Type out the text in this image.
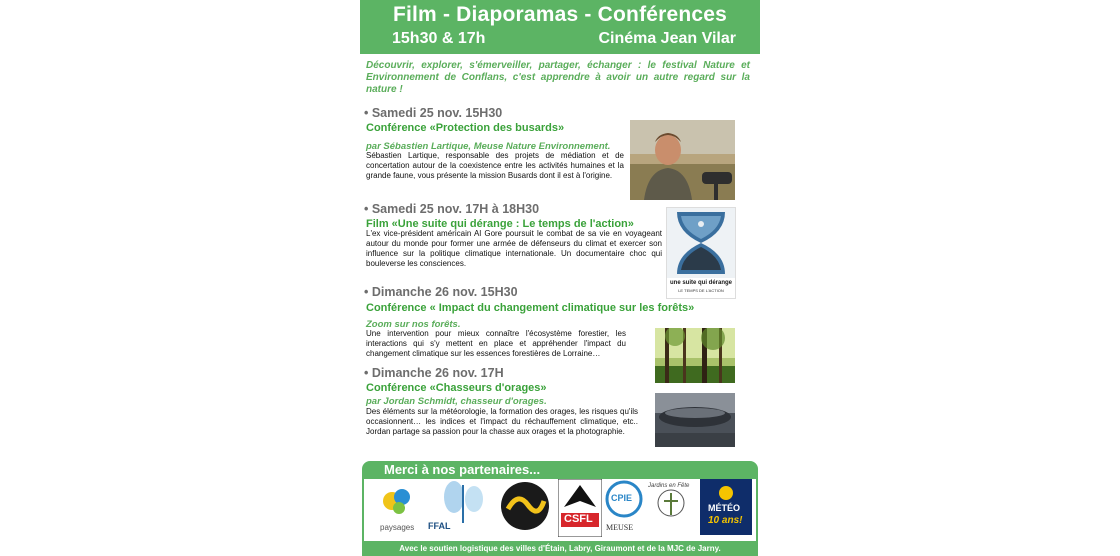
Film - Diaporamas - Conférences
15h30 & 17h	Cinéma Jean Vilar
Découvrir, explorer, s'émerveiller, partager, échanger : le festival Nature et Environnement de Conflans, c'est apprendre à avoir un autre regard sur la nature !
• Samedi 25 nov. 15H30
Conférence «Protection des busards»
par Sébastien Lartique, Meuse Nature Environnement.
Sébastien Lartique, responsable des projets de médiation et de concertation autour de la coexistence entre les activités humaines et la grande faune, vous présente la mission Busards dont il est à l'origine.
• Samedi 25 nov. 17H à 18H30
Film «Une suite qui dérange : Le temps de l'action»
L'ex vice-président américain Al Gore poursuit le combat de sa vie en voyageant autour du monde pour former une armée de défenseurs du climat et exercer son influence sur la politique climatique internationale. Un documentaire choc qui bouleverse les consciences.
une suite qui dérange
LE TEMPS DE L'ACTION
• Dimanche 26 nov. 15H30
Conférence « Impact du changement climatique sur les forêts»
Zoom sur nos forêts.
Une intervention pour mieux connaître l'écosystème forestier, les interactions qui s'y mettent en place et appréhender l'impact du changement climatique sur les essences forestières de Lorraine…
• Dimanche 26 nov. 17H
Conférence «Chasseurs d'orages»
par Jordan Schmidt, chasseur d'orages.
Des éléments sur la météorologie, la formation des orages, les risques qu'ils occasionnent… les indices et l'impact du réchauffement climatique, etc.. Jordan partage sa passion pour la chasse aux orages et la photographie.
Merci à nos partenaires...
paysages FFAL
CSFL
CPIE
MEUSE
Jardins en Fête
MÉTÉO
10 ans!
Avec le soutien logistique des villes d'Étain, Labry, Giraumont et de la MJC de Jarny.
